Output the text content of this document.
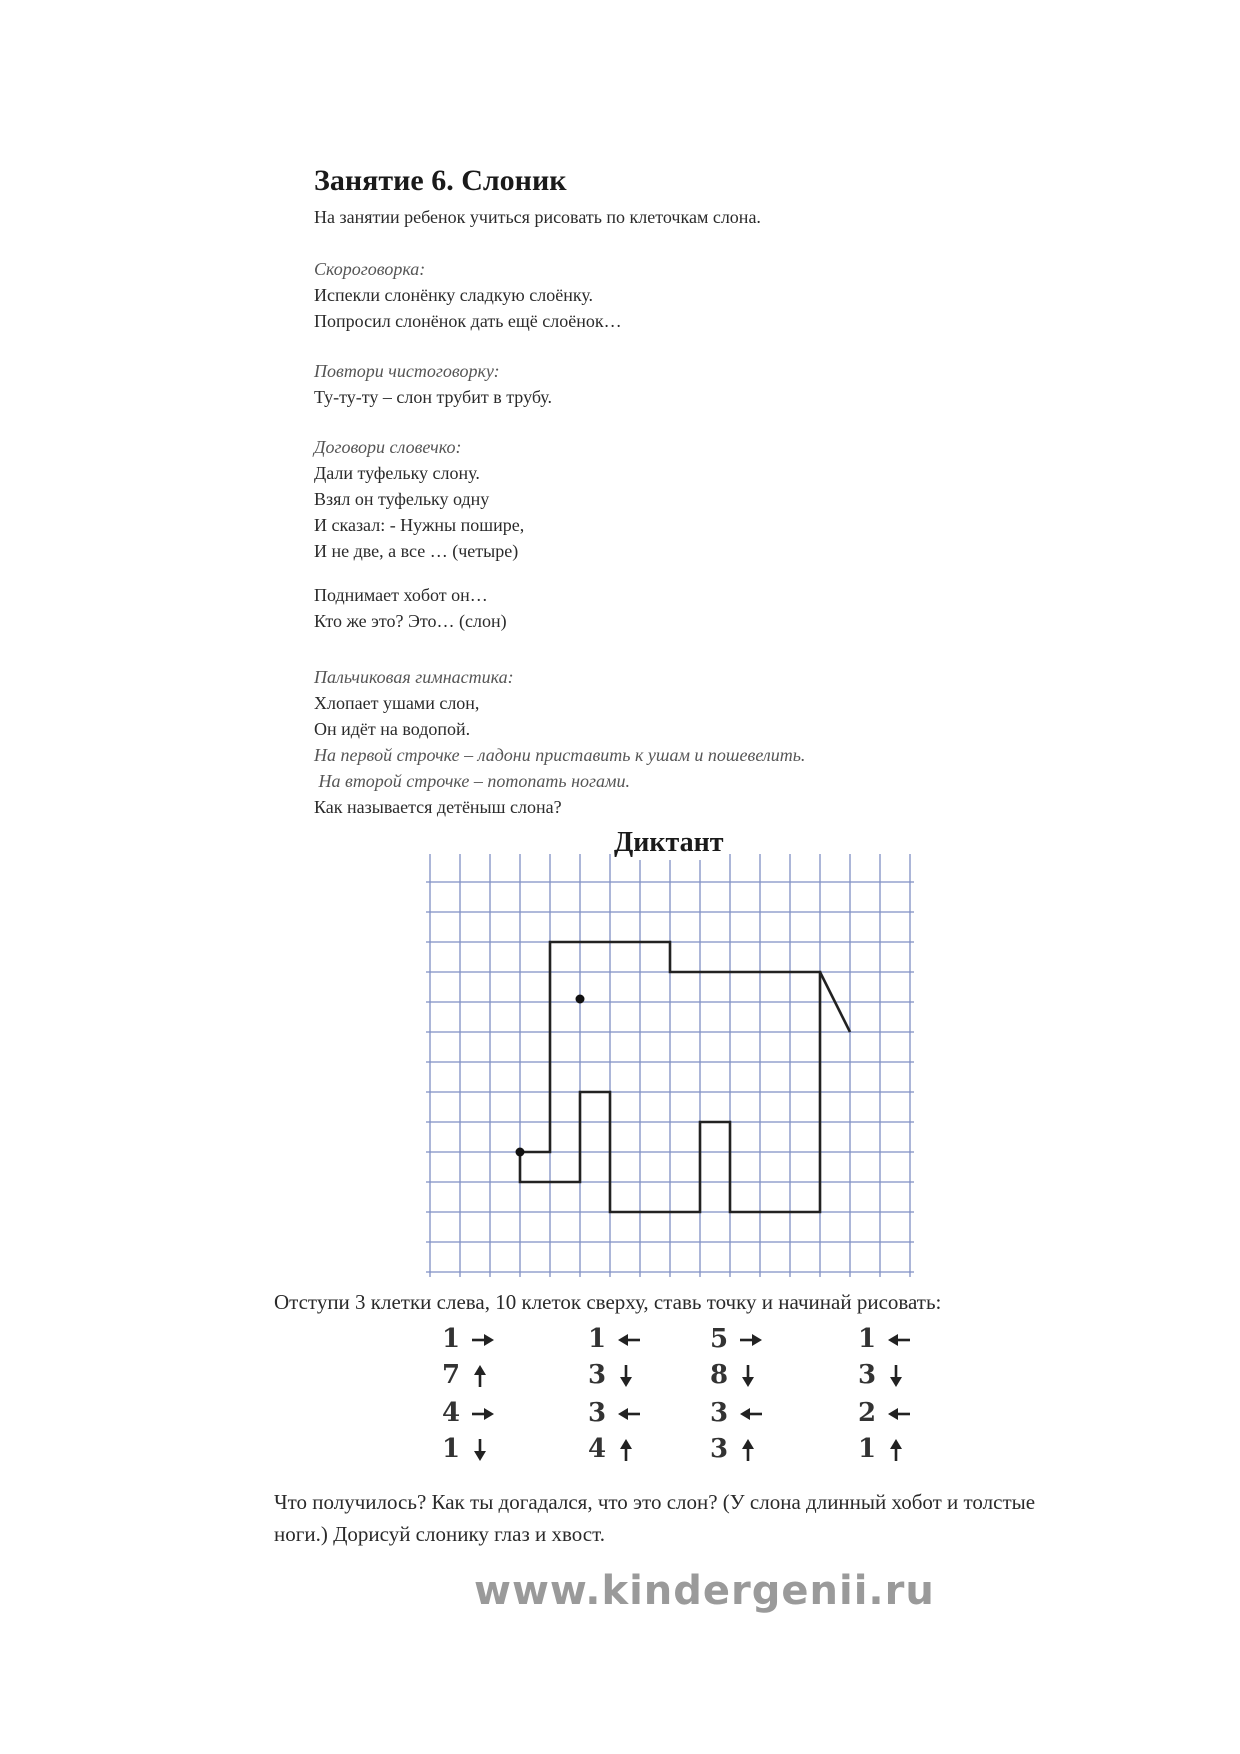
Занятие 6. Слоник
На занятии ребенок учиться рисовать по клеточкам слона.
Скороговорка:
Испекли слонёнку сладкую слоёнку.
Попросил слонёнок дать ещё слоёнок…
Повтори чистоговорку:
Ту-ту-ту – слон трубит в трубу.
Договори словечко:
Дали туфельку слону.
Взял он туфельку одну
И сказал: - Нужны пошире,
И не две, а все … (четыре)
Поднимает хобот он…
Кто же это? Это… (слон)
Пальчиковая гимнастика:
Хлопает ушами слон,
Он идёт на водопой.
На первой строчке – ладони приставить к ушам и пошевелить.
На второй строчке – потопать ногами.
Как называется детёныш слона?
Диктант
Отступи 3 клетки слева, 10 клеток сверху, ставь точку и начинай рисовать:
1
7
4
1
1
3
3
4
5
8
3
3
1
3
2
1
Что получилось? Как ты догадался, что это слон? (У слона длинный хобот и толстые ноги.) Дорисуй слонику глаз и хвост.
www.kindergenii.ru
